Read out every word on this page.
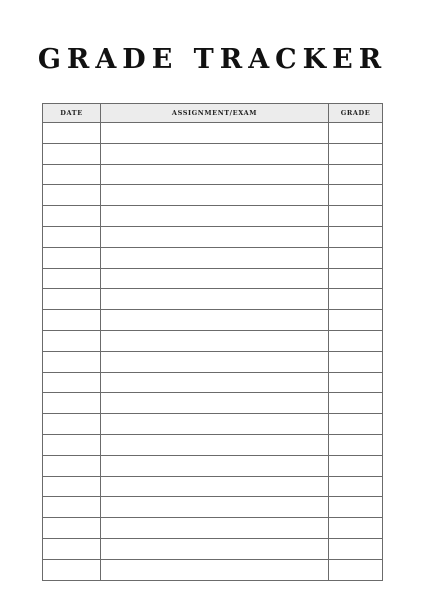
GRADE TRACKER
DATE	ASSIGNMENT/EXAM	GRADE
